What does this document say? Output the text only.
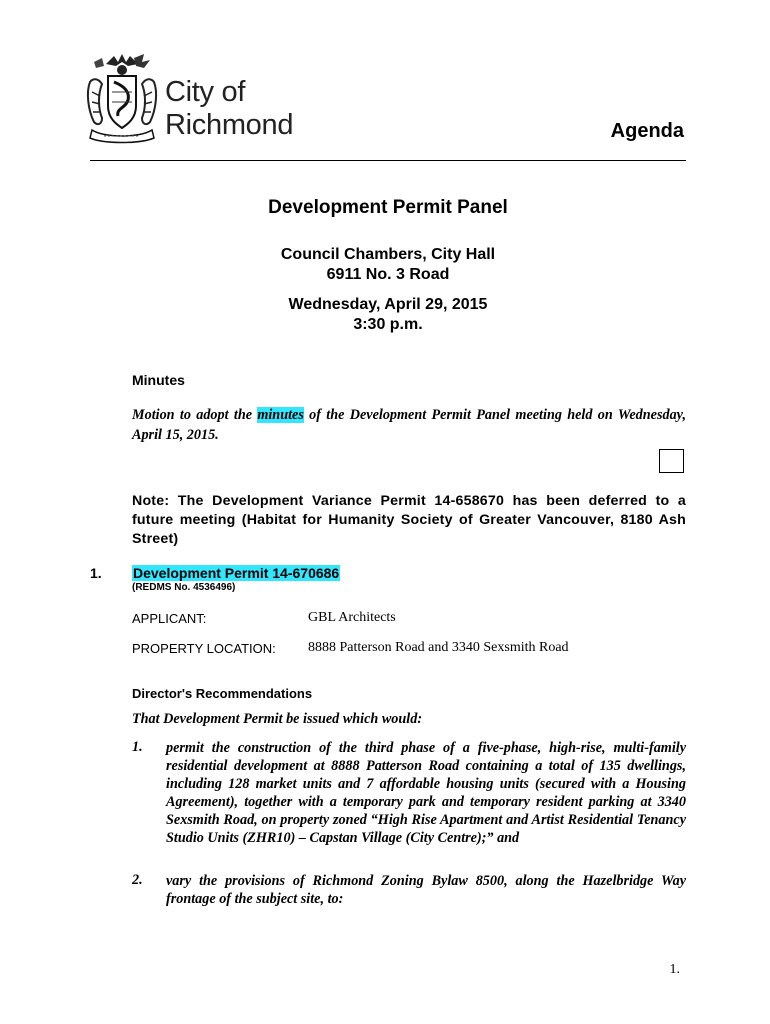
City of
Richmond	Agenda
Development Permit Panel
Council Chambers, City Hall
6911 No. 3 Road
Wednesday, April 29, 2015
3:30 p.m.
Minutes
Motion to adopt the minutes of the Development Permit Panel meeting held on Wednesday, April 15, 2015.
Note: The Development Variance Permit 14-658670 has been deferred to a future meeting (Habitat for Humanity Society of Greater Vancouver, 8180 Ash Street)
1. Development Permit 14-670686
(REDMS No. 4536496)
APPLICANT:	GBL Architects
PROPERTY LOCATION: 8888 Patterson Road and 3340 Sexsmith Road
Director's Recommendations
That Development Permit be issued which would:
1. permit the construction of the third phase of a five-phase, high-rise, multi-family residential development at 8888 Patterson Road containing a total of 135 dwellings, including 128 market units and 7 affordable housing units (secured with a Housing Agreement), together with a temporary park and temporary resident parking at 3340 Sexsmith Road, on property zoned “High Rise Apartment and Artist Residential Tenancy Studio Units (ZHR10) – Capstan Village (City Centre);” and
2. vary the provisions of Richmond Zoning Bylaw 8500, along the Hazelbridge Way frontage of the subject site, to:
1.
